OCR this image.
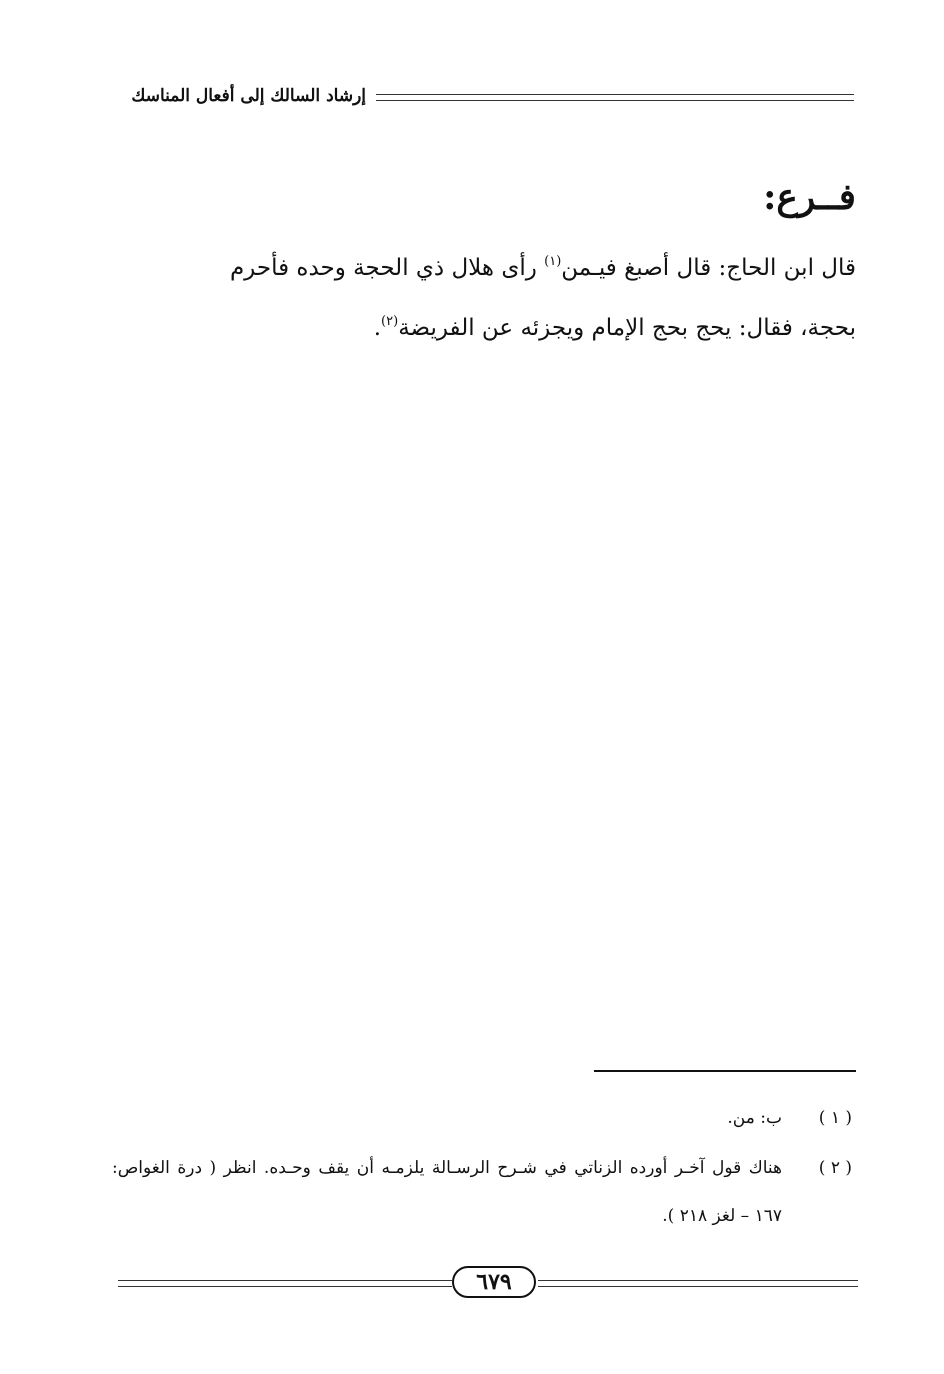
إرشاد السالك إلى أفعال المناسك
فــرع:
قال ابن الحاج: قال أصبغ فيـمن$^{(١)}$ رأى هلال ذي الحجة وحده فأحرم
بحجة، فقال: يحج بحج الإمام ويجزئه عن الفريضة$^{(٢)}$.
( ١ )
ب: من.
( ٢ )
هناك قول آخـر أورده الزناتي في شـرح الرسـالة يلزمـه أن يقف وحـده. انظر ( درة الغواص: ١٦٧ – لغز ٢١٨ ).
٦٧٩
